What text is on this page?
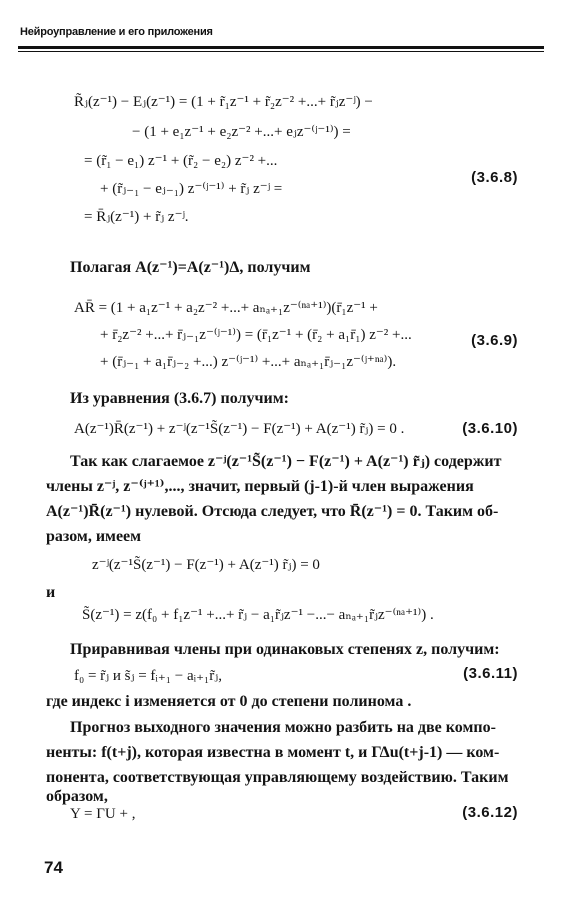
Нейроуправление и его приложения
R̃ⱼ(z⁻¹) − Eⱼ(z⁻¹) = (1 + r̃₁z⁻¹ + r̃₂z⁻² +...+ r̃ⱼz⁻ʲ) −
− (1 + e₁z⁻¹ + e₂z⁻² +...+ eⱼz⁻⁽ʲ⁻¹⁾) =
= (r̃₁ − e₁) z⁻¹ + (r̃₂ − e₂) z⁻² +...
+ (r̃ⱼ₋₁ − eⱼ₋₁) z⁻⁽ʲ⁻¹⁾ + r̃ⱼ z⁻ʲ =
(3.6.8)
= R̄ⱼ(z⁻¹) + r̃ⱼ z⁻ʲ.
Полагая A(z⁻¹)=A(z⁻¹)Δ, получим
AR̄ = (1 + a₁z⁻¹ + a₂z⁻² +...+ aₙₐ₊₁z⁻⁽ⁿᵃ⁺¹⁾)(r̄₁z⁻¹ +
+ r̄₂z⁻² +...+ r̄ⱼ₋₁z⁻⁽ʲ⁻¹⁾) = (r̄₁z⁻¹ + (r̄₂ + a₁r̄₁) z⁻² +...	(3.6.9)
+ (r̄ⱼ₋₁ + a₁r̄ⱼ₋₂ +...) z⁻⁽ʲ⁻¹⁾ +...+ aₙₐ₊₁r̄ⱼ₋₁z⁻⁽ʲ⁺ⁿᵃ⁾).
Из уравнения (3.6.7) получим:
A(z⁻¹)R̄(z⁻¹) + z⁻ʲ(z⁻¹S̃(z⁻¹) − F(z⁻¹) + A(z⁻¹) r̃ⱼ) = 0 .	(3.6.10)
Так как слагаемое z⁻ʲ(z⁻¹S̃(z⁻¹) − F(z⁻¹) + A(z⁻¹) r̃ⱼ) содержит
члены z⁻ʲ, z⁻⁽ʲ⁺¹⁾,..., значит, первый (j-1)-й член выражения
A(z⁻¹)R̄(z⁻¹) нулевой. Отсюда следует, что R̄(z⁻¹) = 0. Таким об-
разом, имеем
z⁻ʲ(z⁻¹S̃(z⁻¹) − F(z⁻¹) + A(z⁻¹) r̃ⱼ) = 0
и
S̃(z⁻¹) = z(f₀ + f₁z⁻¹ +...+ r̃ⱼ − a₁r̃ⱼz⁻¹ −...− aₙₐ₊₁r̃ⱼz⁻⁽ⁿᵃ⁺¹⁾) .
Приравнивая члены при одинаковых степенях z, получим:
f₀ = r̃ⱼ и s̃ⱼ = fᵢ₊₁ − aᵢ₊₁r̃ⱼ,	(3.6.11)
где индекс i изменяется от 0 до степени полинома .
Прогноз выходного значения можно разбить на две компо-
ненты: f(t+j), которая известна в момент t, и ΓΔu(t+j-1) — ком-
понента, соответствующая управляющему воздействию. Таким
образом,
Y = ΓU + ,	(3.6.12)
74
